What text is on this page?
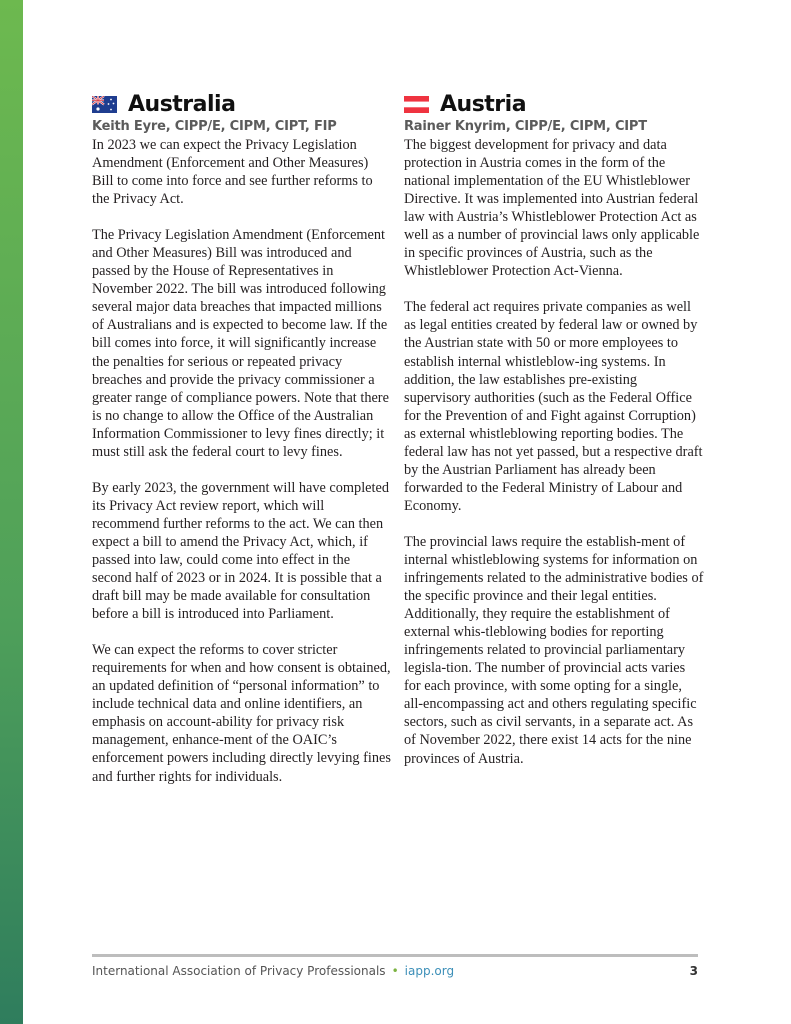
Australia
Keith Eyre, CIPP/E, CIPM, CIPT, FIP

In 2023 we can expect the Privacy Legislation Amendment (Enforcement and Other Measures) Bill to come into force and see further reforms to the Privacy Act.

The Privacy Legislation Amendment (Enforcement and Other Measures) Bill was introduced and passed by the House of Representatives in November 2022. The bill was introduced following several major data breaches that impacted millions of Australians and is expected to become law. If the bill comes into force, it will significantly increase the penalties for serious or repeated privacy breaches and provide the privacy commissioner a greater range of compliance powers. Note that there is no change to allow the Office of the Australian Information Commissioner to levy fines directly; it must still ask the federal court to levy fines.

By early 2023, the government will have completed its Privacy Act review report, which will recommend further reforms to the act. We can then expect a bill to amend the Privacy Act, which, if passed into law, could come into effect in the second half of 2023 or in 2024. It is possible that a draft bill may be made available for consultation before a bill is introduced into Parliament.

We can expect the reforms to cover stricter requirements for when and how consent is obtained, an updated definition of “personal information” to include technical data and online identifiers, an emphasis on account-ability for privacy risk management, enhance-ment of the OAIC’s enforcement powers including directly levying fines and further rights for individuals.

Austria
Rainer Knyrim, CIPP/E, CIPM, CIPT

The biggest development for privacy and data protection in Austria comes in the form of the national implementation of the EU Whistleblower Directive. It was implemented into Austrian federal law with Austria’s Whistleblower Protection Act as well as a number of provincial laws only applicable in specific provinces of Austria, such as the Whistleblower Protection Act-Vienna.

The federal act requires private companies as well as legal entities created by federal law or owned by the Austrian state with 50 or more employees to establish internal whistleblow-ing systems. In addition, the law establishes pre-existing supervisory authorities (such as the Federal Office for the Prevention of and Fight against Corruption) as external whistleblowing reporting bodies. The federal law has not yet passed, but a respective draft by the Austrian Parliament has already been forwarded to the Federal Ministry of Labour and Economy.

The provincial laws require the establish-ment of internal whistleblowing systems for information on infringements related to the administrative bodies of the specific province and their legal entities. Additionally, they require the establishment of external whis-tleblowing bodies for reporting infringements related to provincial parliamentary legisla-tion. The number of provincial acts varies for each province, with some opting for a single, all-encompassing act and others regulating specific sectors, such as civil servants, in a separate act. As of November 2022, there exist 14 acts for the nine provinces of Austria.

International Association of Privacy Professionals • iapp.org	3
